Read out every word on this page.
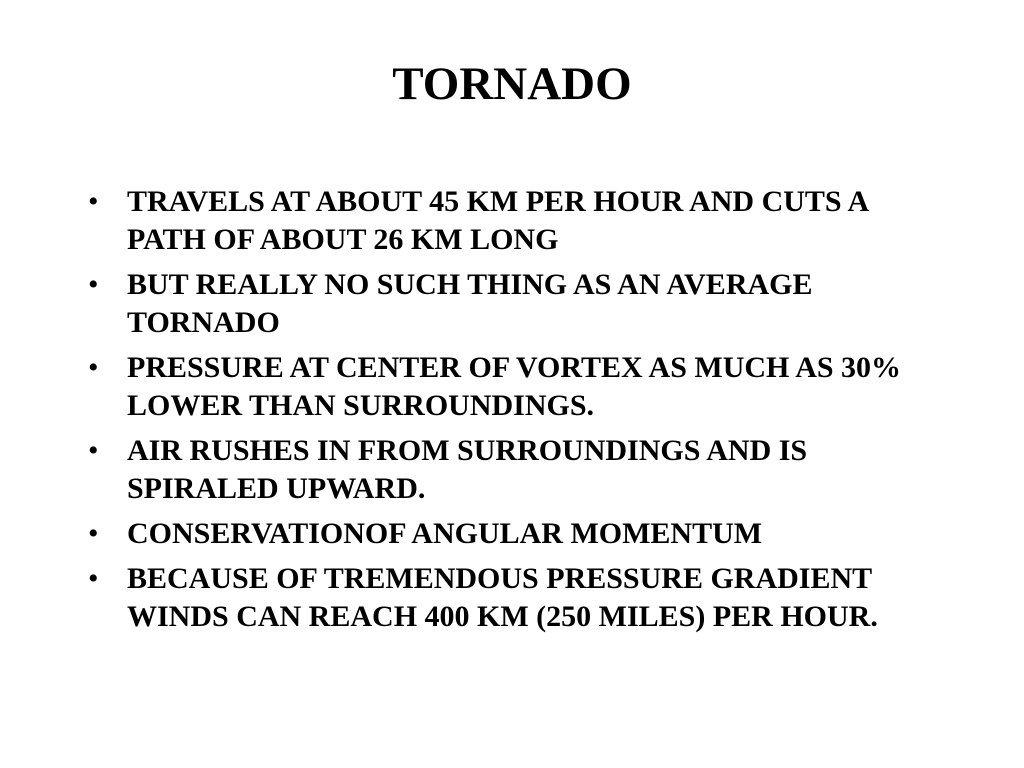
TORNADO
• TRAVELS AT ABOUT 45 KM PER HOUR AND CUTS A PATH OF ABOUT 26 KM LONG
• BUT REALLY NO SUCH THING AS AN AVERAGE TORNADO
• PRESSURE AT CENTER OF VORTEX AS MUCH AS 30% LOWER THAN SURROUNDINGS.
• AIR RUSHES IN FROM SURROUNDINGS AND IS SPIRALED UPWARD.
• CONSERVATIONOF ANGULAR MOMENTUM
• BECAUSE OF TREMENDOUS PRESSURE GRADIENT WINDS CAN REACH 400 KM (250 MILES) PER HOUR.
